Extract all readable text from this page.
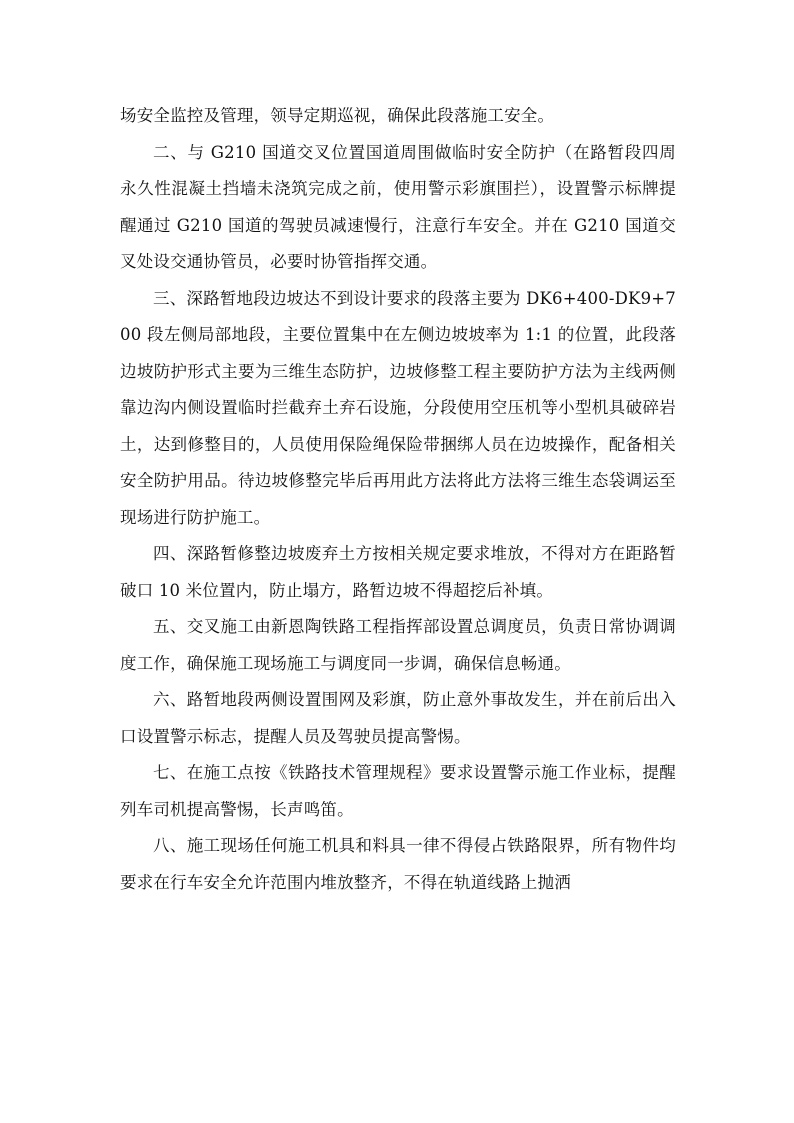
场安全监控及管理，领导定期巡视，确保此段落施工安全。

二、与 G210 国道交叉位置国道周围做临时安全防护（在路暂段四周永久性混凝土挡墙未浇筑完成之前，使用警示彩旗围拦），设置警示标牌提醒通过 G210 国道的驾驶员减速慢行，注意行车安全。并在 G210 国道交叉处设交通协管员，必要时协管指挥交通。

三、深路暂地段边坡达不到设计要求的段落主要为 DK6+400-DK9+700 段左侧局部地段，主要位置集中在左侧边坡坡率为 1:1 的位置，此段落边坡防护形式主要为三维生态防护，边坡修整工程主要防护方法为主线两侧靠边沟内侧设置临时拦截弃土弃石设施，分段使用空压机等小型机具破碎岩土，达到修整目的，人员使用保险绳保险带捆绑人员在边坡操作，配备相关安全防护用品。待边坡修整完毕后再用此方法将此方法将三维生态袋调运至现场进行防护施工。

四、深路暂修整边坡废弃土方按相关规定要求堆放，不得对方在距路暂破口 10 米位置内，防止塌方，路暂边坡不得超挖后补填。

五、交叉施工由新恩陶铁路工程指挥部设置总调度员，负责日常协调调度工作，确保施工现场施工与调度同一步调，确保信息畅通。

六、路暂地段两侧设置围网及彩旗，防止意外事故发生，并在前后出入口设置警示标志，提醒人员及驾驶员提高警惕。

七、在施工点按《铁路技术管理规程》要求设置警示施工作业标，提醒列车司机提高警惕，长声鸣笛。

八、施工现场任何施工机具和料具一律不得侵占铁路限界，所有物件均要求在行车安全允许范围内堆放整齐，不得在轨道线路上抛洒
